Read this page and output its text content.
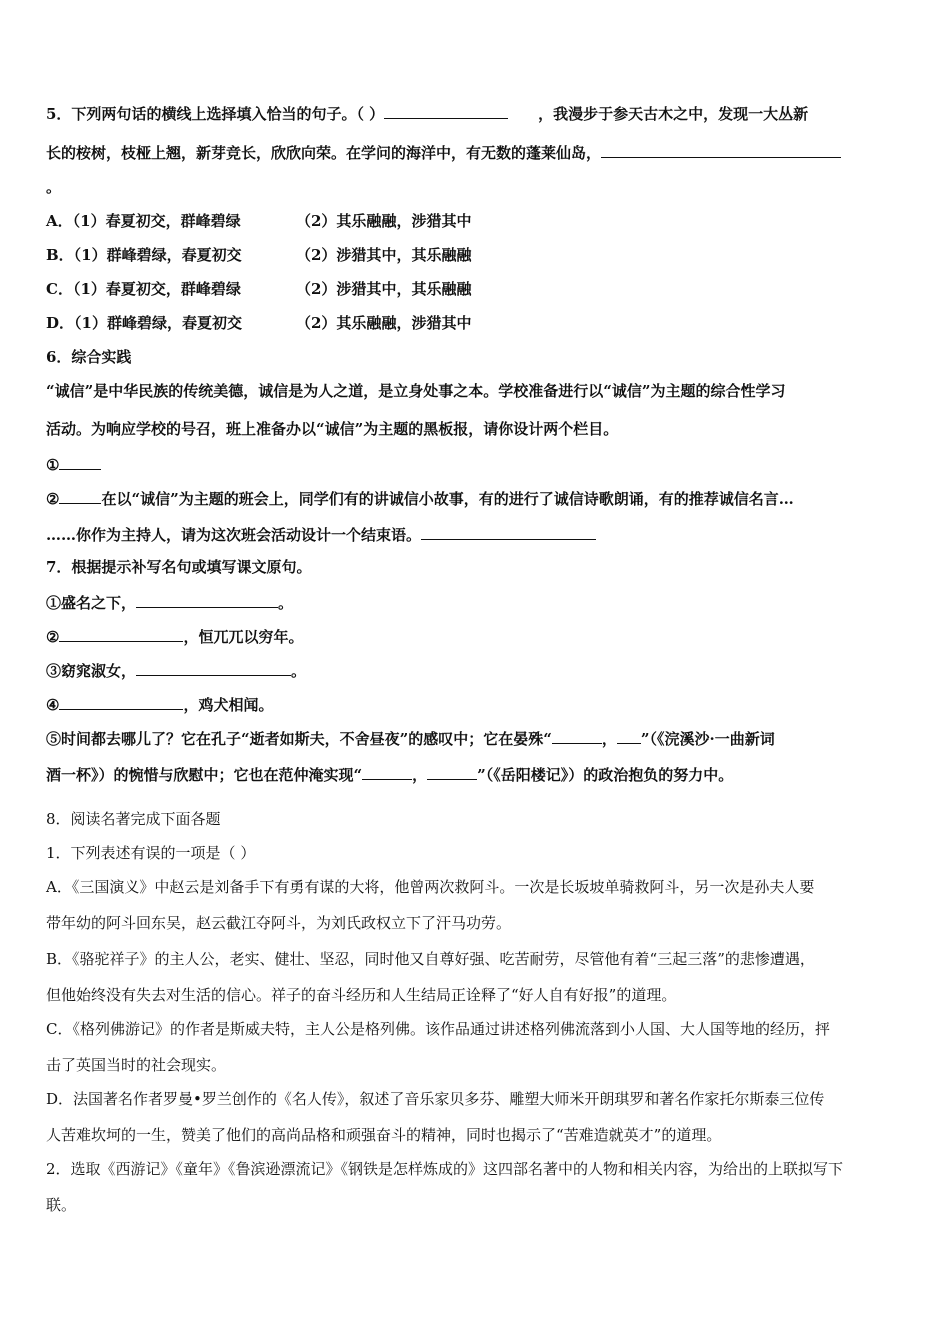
5．下列两句话的横线上选择填入恰当的句子。（ ）	，我漫步于参天古木之中，发现一大丛新
长的桉树，枝桠上翘，新芽竞长，欣欣向荣。在学问的海洋中，有无数的蓬莱仙岛，
。
A．（1）春夏初交，群峰碧绿	（2）其乐融融，涉猎其中
B．（1）群峰碧绿，春夏初交	（2）涉猎其中，其乐融融
C．（1）春夏初交，群峰碧绿	（2）涉猎其中，其乐融融
D．（1）群峰碧绿，春夏初交	（2）其乐融融，涉猎其中
6．综合实践
“诚信”是中华民族的传统美德，诚信是为人之道，是立身处事之本。学校准备进行以“诚信”为主题的综合性学习
活动。为响应学校的号召，班上准备办以“诚信”为主题的黑板报，请你设计两个栏目。
①
②	在以“诚信”为主题的班会上，同学们有的讲诚信小故事，有的进行了诚信诗歌朗诵，有的推荐诚信名言…
……你作为主持人，请为这次班会活动设计一个结束语。
7．根据提示补写名句或填写课文原句。
①盛名之下，	。
②	，恒兀兀以穷年。
③窈窕淑女，	。
④	，鸡犬相闻。
⑤时间都去哪儿了？它在孔子“逝者如斯夫，不舍昼夜”的感叹中；它在晏殊“	， ”（《浣溪沙·一曲新词
酒一杯》）的惋惜与欣慰中；它也在范仲淹实现“	，	”（《岳阳楼记》）的政治抱负的努力中。
8．阅读名著完成下面各题
1．下列表述有误的一项是（ ）
A．《三国演义》中赵云是刘备手下有勇有谋的大将，他曾两次救阿斗。一次是长坂坡单骑救阿斗，另一次是孙夫人要
带年幼的阿斗回东吴，赵云截江夺阿斗，为刘氏政权立下了汗马功劳。
B．《骆驼祥子》的主人公，老实、健壮、坚忍，同时他又自尊好强、吃苦耐劳，尽管他有着“三起三落”的悲惨遭遇，
但他始终没有失去对生活的信心。祥子的奋斗经历和人生结局正诠释了“好人自有好报”的道理。
C．《格列佛游记》的作者是斯威夫特，主人公是格列佛。该作品通过讲述格列佛流落到小人国、大人国等地的经历，抨
击了英国当时的社会现实。
D．法国著名作者罗曼•罗兰创作的《名人传》，叙述了音乐家贝多芬、雕塑大师米开朗琪罗和著名作家托尔斯泰三位传
人苦难坎坷的一生，赞美了他们的高尚品格和顽强奋斗的精神，同时也揭示了“苦难造就英才”的道理。
2．选取《西游记》《童年》《鲁滨逊漂流记》《钢铁是怎样炼成的》这四部名著中的人物和相关内容，为给出的上联拟写下
联。
